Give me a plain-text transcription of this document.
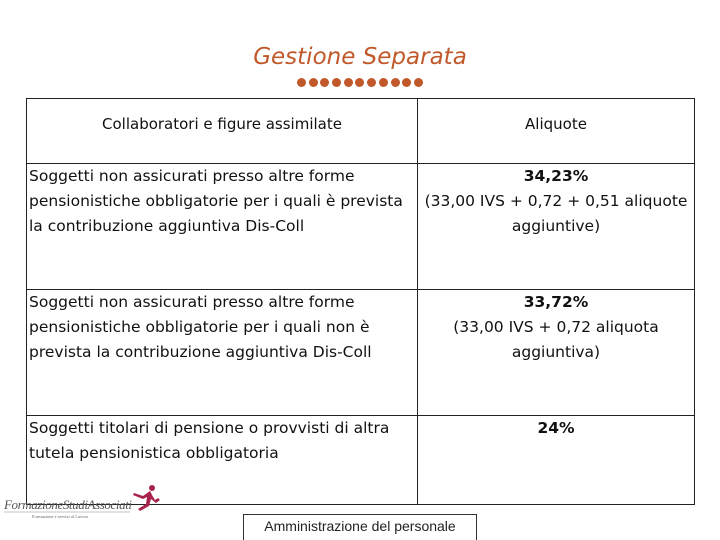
Gestione Separata
Collaboratori e figure assimilate	Aliquote
Soggetti non assicurati presso altre forme pensionistiche obbligatorie per i quali è prevista la contribuzione aggiuntiva Dis-Coll	34,23%
(33,00 IVS + 0,72 + 0,51 aliquote aggiuntive)
Soggetti non assicurati presso altre forme pensionistiche obbligatorie per i quali non è prevista la contribuzione aggiuntiva Dis-Coll	33,72%
(33,00 IVS + 0,72 aliquota aggiuntiva)
Soggetti titolari di pensione o provvisti di altra tutela pensionistica obbligatoria	24%
FormazioneStudiAssociati
Formazione e servizi al Lavoro
Amministrazione del personale
